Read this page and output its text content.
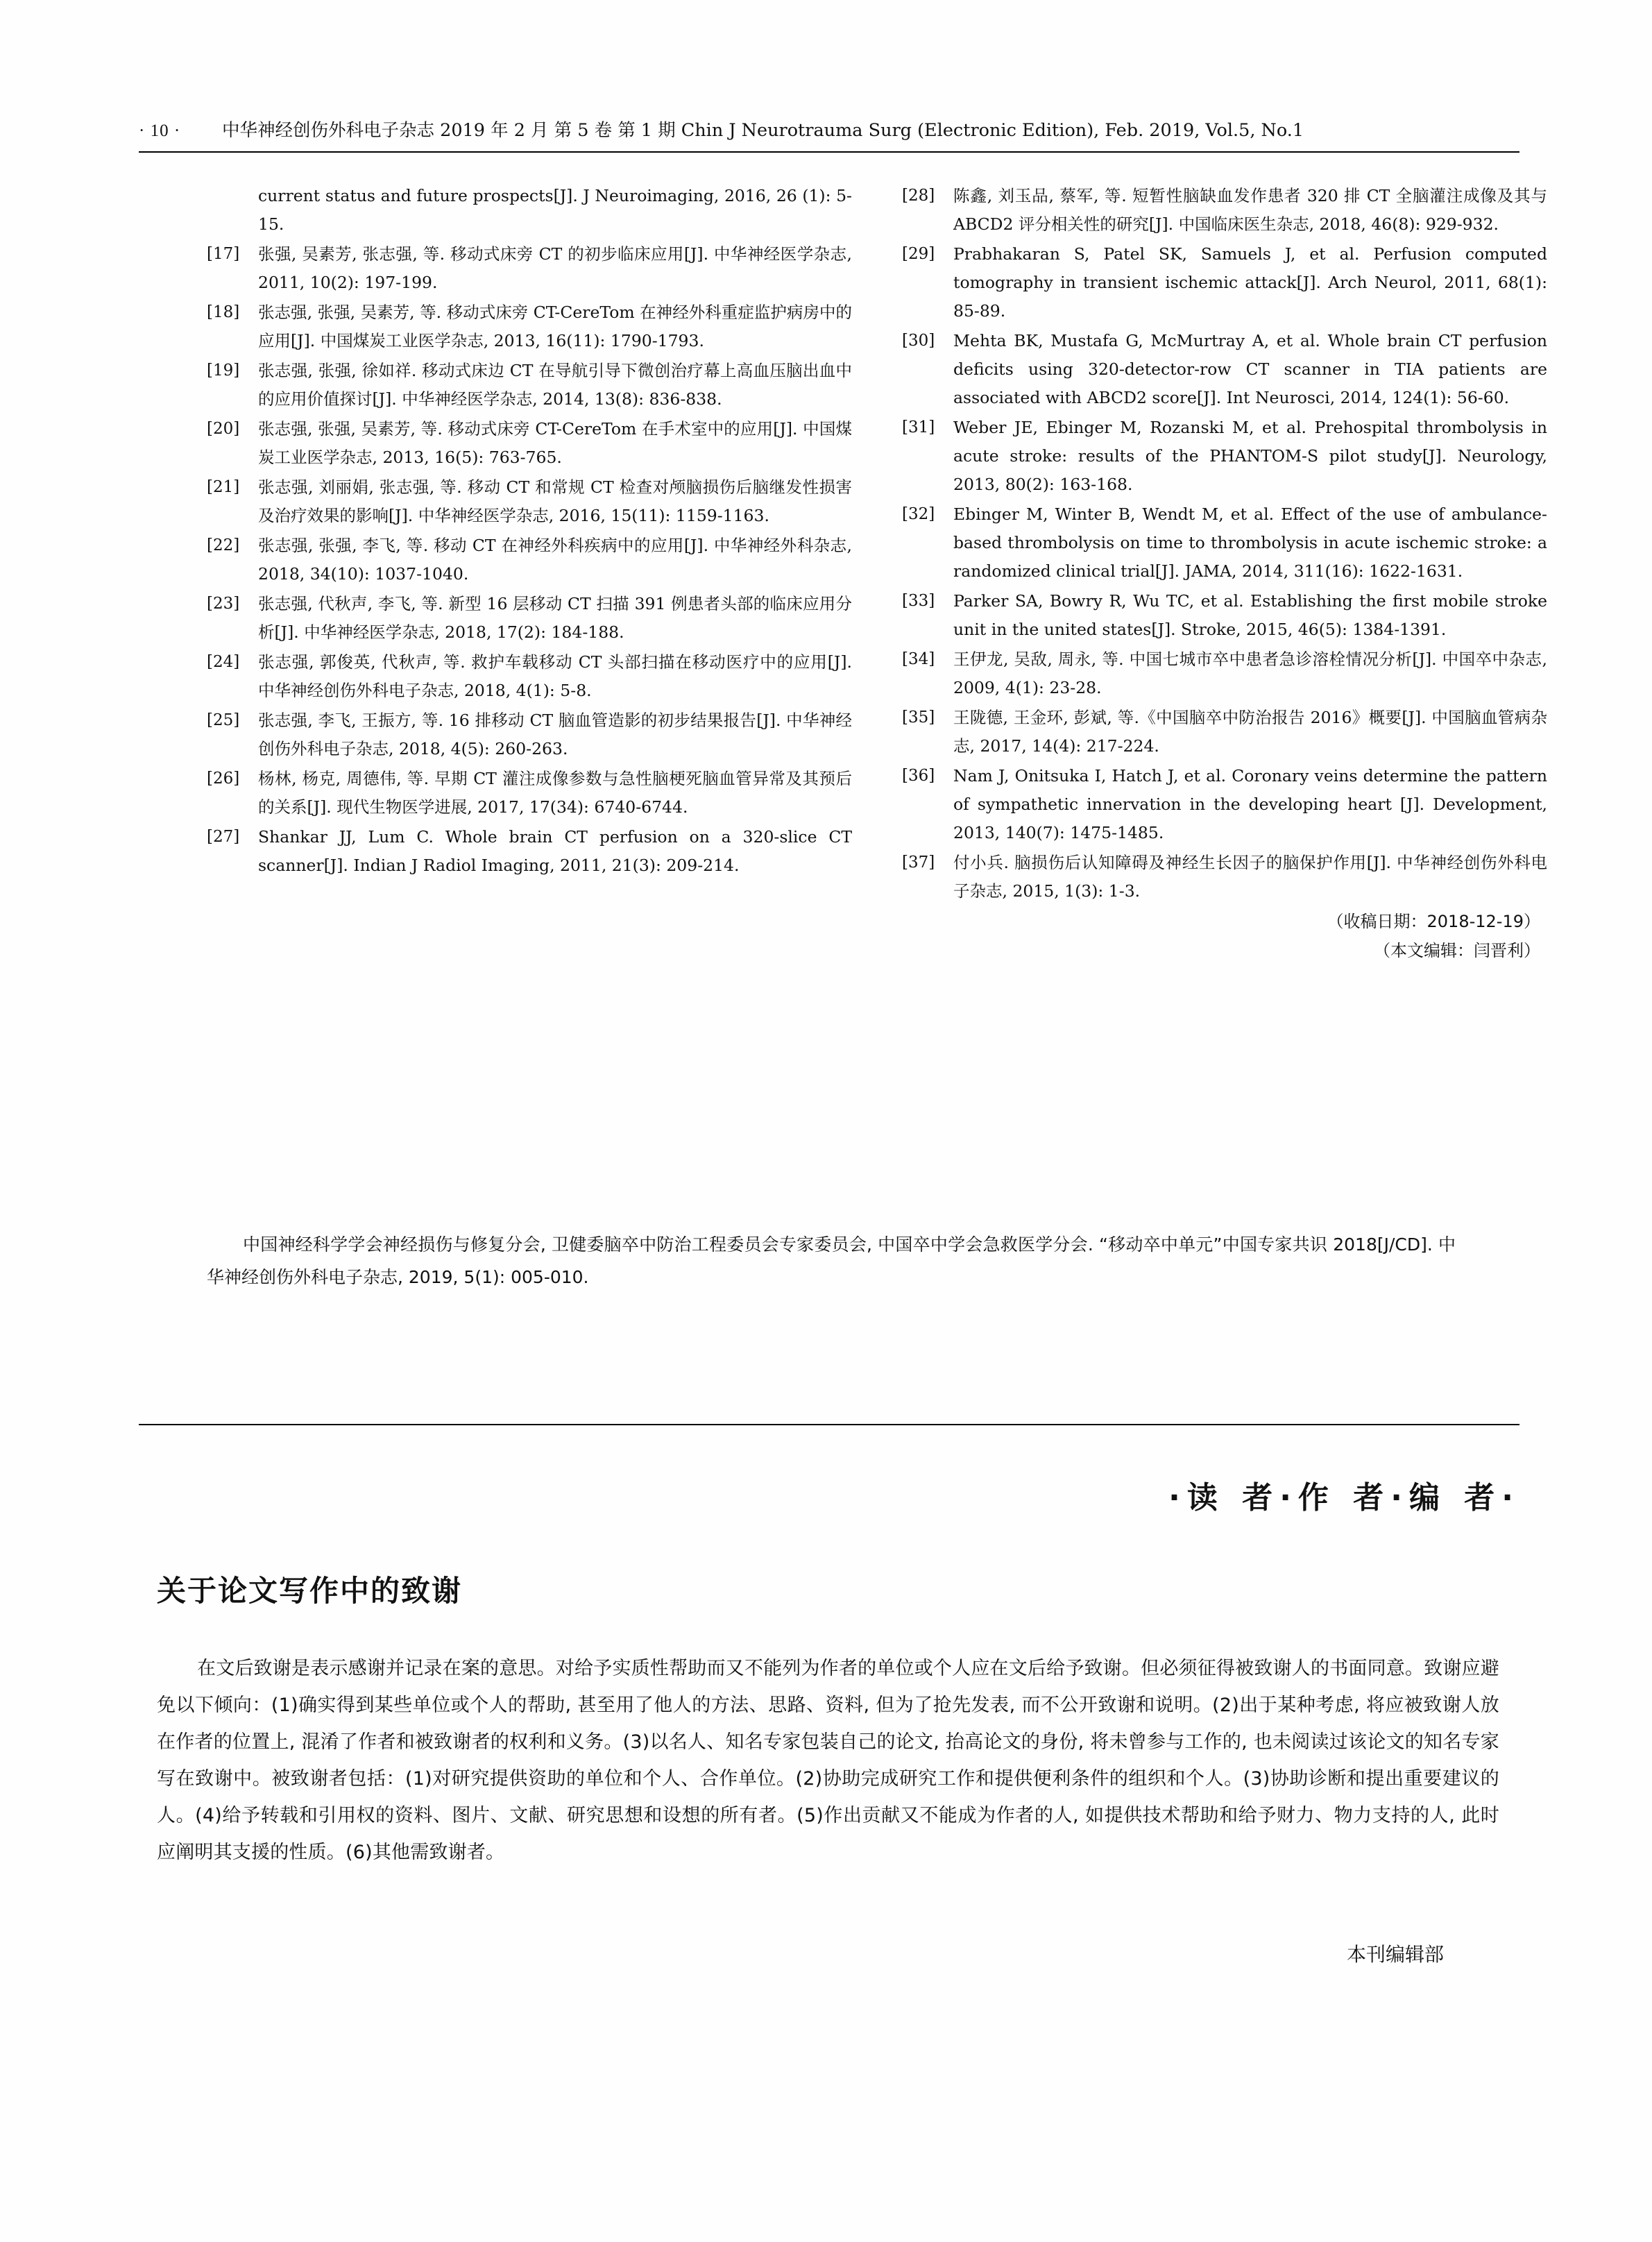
· 10 ·	中华神经创伤外科电子杂志 2019 年 2 月 第 5 卷 第 1 期 Chin J Neurotrauma Surg (Electronic Edition), Feb. 2019, Vol.5, No.1
current status and future prospects[J]. J Neuroimaging, 2016, 26 (1): 5-15.
[17]	张强, 吴素芳, 张志强, 等. 移动式床旁 CT 的初步临床应用[J]. 中华神经医学杂志, 2011, 10(2): 197-199.
[18]	张志强, 张强, 吴素芳, 等. 移动式床旁 CT-CereTom 在神经外科重症监护病房中的应用[J]. 中国煤炭工业医学杂志, 2013, 16(11): 1790-1793.
[19]	张志强, 张强, 徐如祥. 移动式床边 CT 在导航引导下微创治疗幕上高血压脑出血中的应用价值探讨[J]. 中华神经医学杂志, 2014, 13(8): 836-838.
[20]	张志强, 张强, 吴素芳, 等. 移动式床旁 CT-CereTom 在手术室中的应用[J]. 中国煤炭工业医学杂志, 2013, 16(5): 763-765.
[21]	张志强, 刘丽娟, 张志强, 等. 移动 CT 和常规 CT 检查对颅脑损伤后脑继发性损害及治疗效果的影响[J]. 中华神经医学杂志, 2016, 15(11): 1159-1163.
[22]	张志强, 张强, 李飞, 等. 移动 CT 在神经外科疾病中的应用[J]. 中华神经外科杂志, 2018, 34(10): 1037-1040.
[23]	张志强, 代秋声, 李飞, 等. 新型 16 层移动 CT 扫描 391 例患者头部的临床应用分析[J]. 中华神经医学杂志, 2018, 17(2): 184-188.
[24]	张志强, 郭俊英, 代秋声, 等. 救护车载移动 CT 头部扫描在移动医疗中的应用[J]. 中华神经创伤外科电子杂志, 2018, 4(1): 5-8.
[25]	张志强, 李飞, 王振方, 等. 16 排移动 CT 脑血管造影的初步结果报告[J]. 中华神经创伤外科电子杂志, 2018, 4(5): 260-263.
[26]	杨林, 杨克, 周德伟, 等. 早期 CT 灌注成像参数与急性脑梗死脑血管异常及其预后的关系[J]. 现代生物医学进展, 2017, 17(34): 6740-6744.
[27]	Shankar JJ, Lum C. Whole brain CT perfusion on a 320-slice CT scanner[J]. Indian J Radiol Imaging, 2011, 21(3): 209-214.
[28]	陈鑫, 刘玉品, 蔡军, 等. 短暂性脑缺血发作患者 320 排 CT 全脑灌注成像及其与 ABCD2 评分相关性的研究[J]. 中国临床医生杂志, 2018, 46(8): 929-932.
[29]	Prabhakaran S, Patel SK, Samuels J, et al. Perfusion computed tomography in transient ischemic attack[J]. Arch Neurol, 2011, 68(1): 85-89.
[30]	Mehta BK, Mustafa G, McMurtray A, et al. Whole brain CT perfusion deficits using 320-detector-row CT scanner in TIA patients are associated with ABCD2 score[J]. Int Neurosci, 2014, 124(1): 56-60.
[31]	Weber JE, Ebinger M, Rozanski M, et al. Prehospital thrombolysis in acute stroke: results of the PHANTOM-S pilot study[J]. Neurology, 2013, 80(2): 163-168.
[32]	Ebinger M, Winter B, Wendt M, et al. Effect of the use of ambulance-based thrombolysis on time to thrombolysis in acute ischemic stroke: a randomized clinical trial[J]. JAMA, 2014, 311(16): 1622-1631.
[33]	Parker SA, Bowry R, Wu TC, et al. Establishing the first mobile stroke unit in the united states[J]. Stroke, 2015, 46(5): 1384-1391.
[34]	王伊龙, 吴敌, 周永, 等. 中国七城市卒中患者急诊溶栓情况分析[J]. 中国卒中杂志, 2009, 4(1): 23-28.
[35]	王陇德, 王金环, 彭斌, 等.《中国脑卒中防治报告 2016》概要[J]. 中国脑血管病杂志, 2017, 14(4): 217-224.
[36]	Nam J, Onitsuka I, Hatch J, et al. Coronary veins determine the pattern of sympathetic innervation in the developing heart [J]. Development, 2013, 140(7): 1475-1485.
[37]	付小兵. 脑损伤后认知障碍及神经生长因子的脑保护作用[J]. 中华神经创伤外科电子杂志, 2015, 1(3): 1-3.
（收稿日期：2018-12-19）
（本文编辑：闫晋利）
中国神经科学学会神经损伤与修复分会, 卫健委脑卒中防治工程委员会专家委员会, 中国卒中学会急救医学分会. “移动卒中单元”中国专家共识 2018[J/CD]. 中华神经创伤外科电子杂志, 2019, 5(1): 005-010.
·读 者·作 者·编 者·
关于论文写作中的致谢
在文后致谢是表示感谢并记录在案的意思。对给予实质性帮助而又不能列为作者的单位或个人应在文后给予致谢。但必须征得被致谢人的书面同意。致谢应避免以下倾向：(1)确实得到某些单位或个人的帮助, 甚至用了他人的方法、思路、资料, 但为了抢先发表, 而不公开致谢和说明。(2)出于某种考虑, 将应被致谢人放在作者的位置上, 混淆了作者和被致谢者的权利和义务。(3)以名人、知名专家包装自己的论文, 抬高论文的身份, 将未曾参与工作的, 也未阅读过该论文的知名专家写在致谢中。被致谢者包括：(1)对研究提供资助的单位和个人、合作单位。(2)协助完成研究工作和提供便利条件的组织和个人。(3)协助诊断和提出重要建议的人。(4)给予转载和引用权的资料、图片、文献、研究思想和设想的所有者。(5)作出贡献又不能成为作者的人, 如提供技术帮助和给予财力、物力支持的人, 此时应阐明其支援的性质。(6)其他需致谢者。
本刊编辑部
